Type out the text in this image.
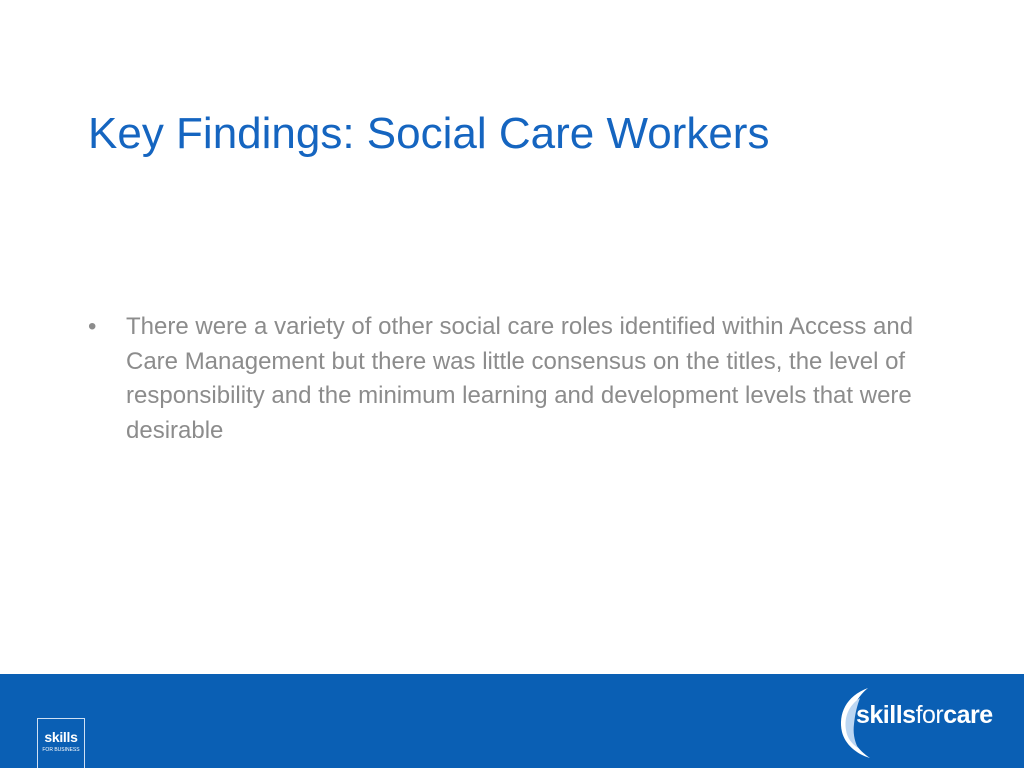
Key Findings: Social Care Workers
• There were a variety of other social care roles identified within Access and Care Management but there was little consensus on the titles, the level of responsibility and the minimum learning and development levels that were desirable
skills
FOR BUSINESS
skillsforcare
